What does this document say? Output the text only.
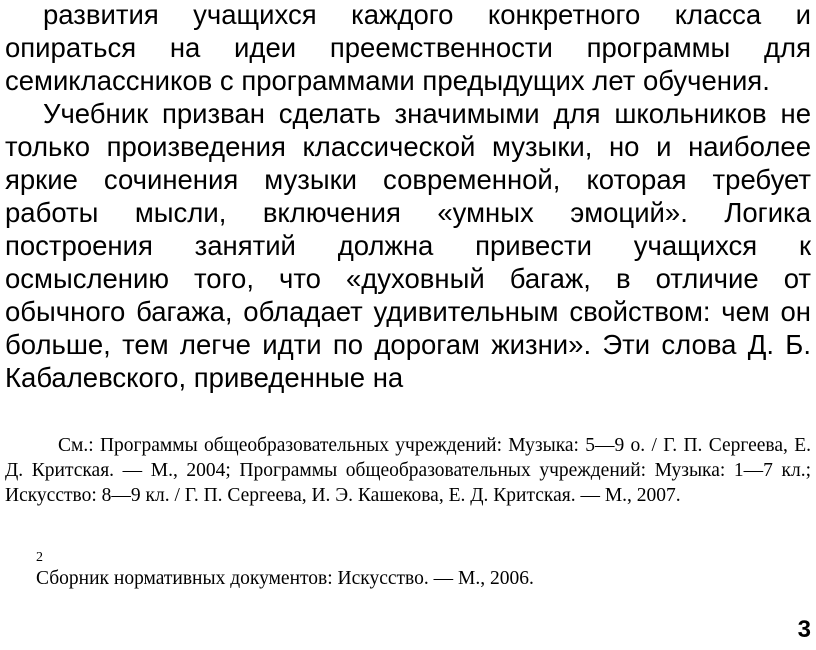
развития учащихся каждого конкретного класса и опираться на идеи преемственности программы для семиклассников с программами предыдущих лет обучения.

Учебник призван сделать значимыми для школьников не только произведения классической музыки, но и наиболее яркие сочинения музыки современной, которая требует работы мысли, включения «умных эмоций». Логика построения занятий должна привести учащихся к осмыслению того, что «духовный багаж, в отличие от обычного багажа, обладает удивительным свойством: чем он больше, тем легче идти по дорогам жизни». Эти слова Д. Б. Кабалевского, приведенные на

См.: Программы общеобразовательных учреждений: Музыка: 5—9 о. / Г. П. Сергеева, Е. Д. Критская. — М., 2004; Программы общеобразовательных учреждений: Музыка: 1—7 кл.; Искусство: 8—9 кл. / Г. П. Сергеева, И. Э. Кашекова, Е. Д. Критская. — М., 2007.

2
Сборник нормативных документов: Искусство. — М., 2006.
3
